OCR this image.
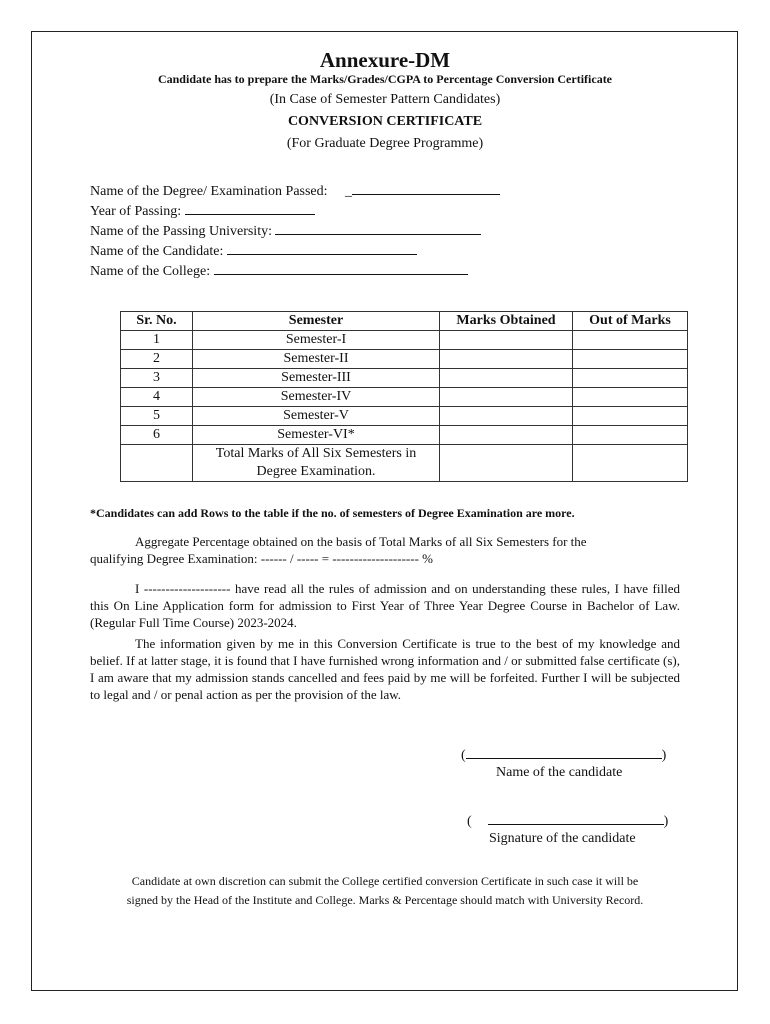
Annexure-DM
Candidate has to prepare the Marks/Grades/CGPA to Percentage Conversion Certificate
(In Case of Semester Pattern Candidates)
CONVERSION CERTIFICATE
(For Graduate Degree Programme)
Name of the Degree/ Examination Passed: _
Year of Passing:
Name of the Passing University:
Name of the Candidate:
Name of the College:
Sr. No.	Semester	Marks Obtained	Out of Marks
1	Semester-I		
2	Semester-II		
3	Semester-III		
4	Semester-IV		
5	Semester-V		
6	Semester-VI*		

	Total Marks of All Six Semesters in
Degree Examination.		

*Candidates can add Rows to the table if the no. of semesters of Degree Examination are more.
Aggregate Percentage obtained on the basis of Total Marks of all Six Semesters for the
qualifying Degree Examination: ------ / ----- = -------------------- %
I -------------------- have read all the rules of admission and on understanding these rules, I have filled this On Line Application form for admission to First Year of Three Year Degree Course in Bachelor of Law. (Regular Full Time Course) 2023-2024.
The information given by me in this Conversion Certificate is true to the best of my knowledge and belief. If at latter stage, it is found that I have furnished wrong information and / or submitted false certificate (s), I am aware that my admission stands cancelled and fees paid by me will be forfeited. Further I will be subjected to legal and / or penal action as per the provision of the law.
(	)
Name of the candidate
(	)
Signature of the candidate
Candidate at own discretion can submit the College certified conversion Certificate in such case it will be
signed by the Head of the Institute and College. Marks & Percentage should match with University Record.
